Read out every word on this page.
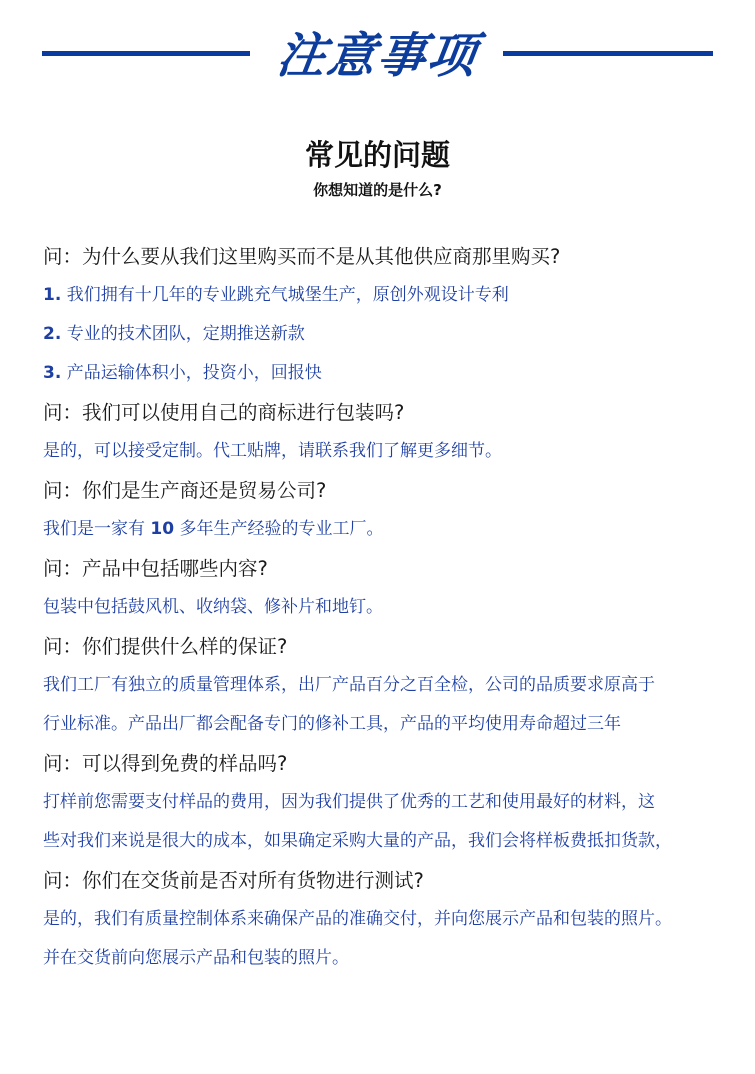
注意事项
常见的问题
你想知道的是什么?
问：为什么要从我们这里购买而不是从其他供应商那里购买?
1. 我们拥有十几年的专业跳充气城堡生产，原创外观设计专利
2. 专业的技术团队，定期推送新款
3. 产品运输体积小，投资小，回报快
问：我们可以使用自己的商标进行包装吗?
是的，可以接受定制。代工贴牌，请联系我们了解更多细节。
问：你们是生产商还是贸易公司?
我们是一家有 10 多年生产经验的专业工厂。
问：产品中包括哪些内容?
包装中包括鼓风机、收纳袋、修补片和地钉。
问：你们提供什么样的保证?
我们工厂有独立的质量管理体系，出厂产品百分之百全检，公司的品质要求原高于
行业标准。产品出厂都会配备专门的修补工具，产品的平均使用寿命超过三年
问：可以得到免费的样品吗?
打样前您需要支付样品的费用，因为我们提供了优秀的工艺和使用最好的材料，这
些对我们来说是很大的成本，如果确定采购大量的产品，我们会将样板费抵扣货款，
问：你们在交货前是否对所有货物进行测试?
是的，我们有质量控制体系来确保产品的准确交付，并向您展示产品和包装的照片。
并在交货前向您展示产品和包装的照片。
